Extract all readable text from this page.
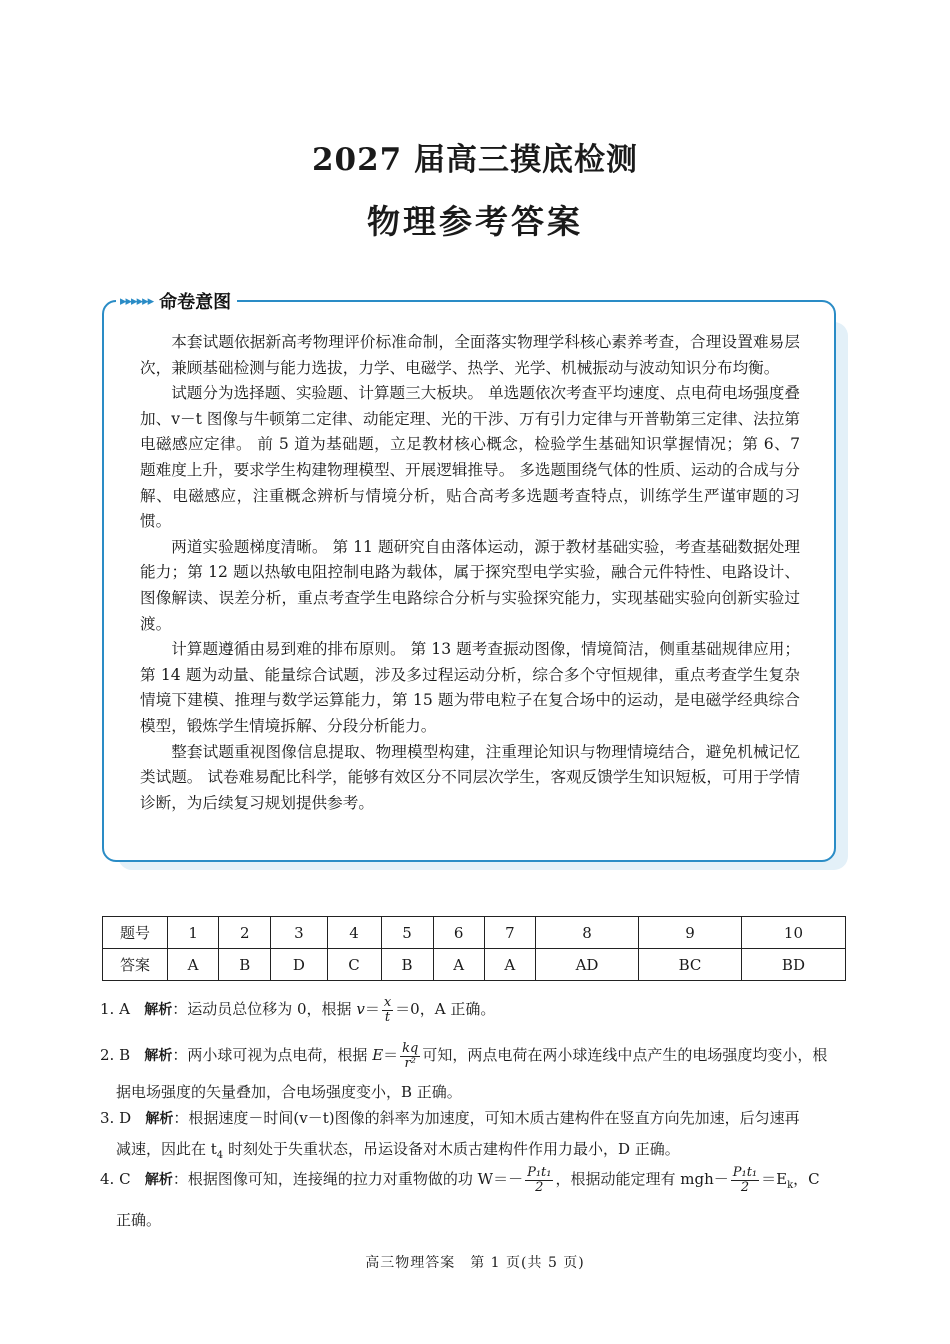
2027 届高三摸底检测
物理参考答案
▸▸▸▸▸▸ 命卷意图

本套试题依据新高考物理评价标准命制，全面落实物理学科核心素养考查，合理设置难易层次，兼顾基础检测与能力选拔，力学、电磁学、热学、光学、机械振动与波动知识分布均衡。

试题分为选择题、实验题、计算题三大板块。 单选题依次考查平均速度、点电荷电场强度叠加、v－t 图像与牛顿第二定律、动能定理、光的干涉、万有引力定律与开普勒第三定律、法拉第电磁感应定律。 前 5 道为基础题，立足教材核心概念，检验学生基础知识掌握情况；第 6、7 题难度上升，要求学生构建物理模型、开展逻辑推导。 多选题围绕气体的性质、运动的合成与分解、电磁感应，注重概念辨析与情境分析，贴合高考多选题考查特点，训练学生严谨审题的习惯。

两道实验题梯度清晰。 第 11 题研究自由落体运动，源于教材基础实验，考查基础数据处理能力；第 12 题以热敏电阻控制电路为载体，属于探究型电学实验，融合元件特性、电路设计、图像解读、误差分析，重点考查学生电路综合分析与实验探究能力，实现基础实验向创新实验过渡。

计算题遵循由易到难的排布原则。 第 13 题考查振动图像，情境简洁，侧重基础规律应用；第 14 题为动量、能量综合试题，涉及多过程运动分析，综合多个守恒规律，重点考查学生复杂情境下建模、推理与数学运算能力，第 15 题为带电粒子在复合场中的运动，是电磁学经典综合模型，锻炼学生情境拆解、分段分析能力。

整套试题重视图像信息提取、物理模型构建，注重理论知识与物理情境结合，避免机械记忆类试题。 试卷难易配比科学，能够有效区分不同层次学生，客观反馈学生知识短板，可用于学情诊断，为后续复习规划提供参考。

题号	1	2	3	4	5	6	7	8	9	10
答案	A	B	D	C	B	A	A	AD	BC	BD
1. A 解析：运动员总位移为 0，根据 $v= \frac{x}{t} =0$，A 正确。
2. B 解析：两小球可视为点电荷，根据 $E= \frac{kq}{\text{r²}}$ 可知，两点电荷在两小球连线中点产生的电场强度均变小，根
据电场强度的矢量叠加，合电场强度变小，B 正确。
3. D 解析：根据速度－时间(v－t)图像的斜率为加速度，可知木质古建构件在竖直方向先加速，后匀速再
减速，因此在 $t_4$ 时刻处于失重状态，吊运设备对木质古建构件作用力最小，D 正确。
4. C 解析：根据图像可知，连接绳的拉力对重物做的功 $W=- \frac{\text{P₁t₁}}{2}$ ，根据动能定理有 $mgh- \frac{\text{P₁t₁}}{2} =E_k$，C
正确。
高三物理答案　第 1 页(共 5 页)
